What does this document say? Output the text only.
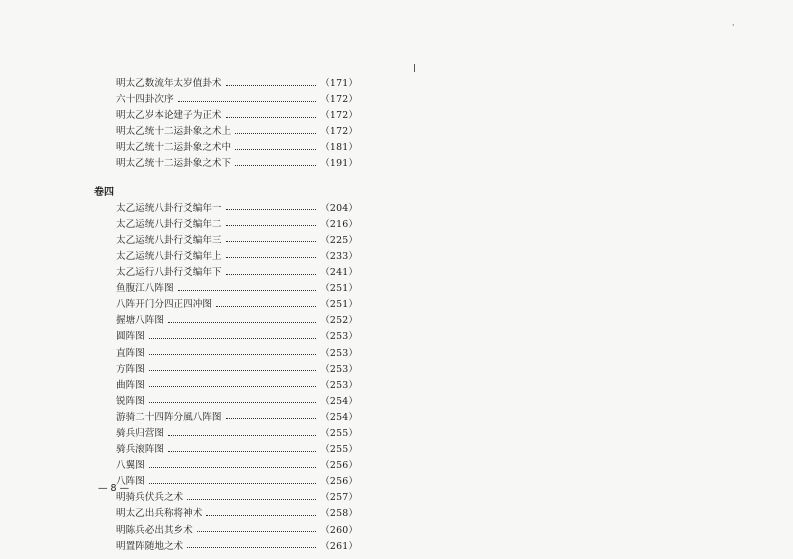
明太乙数流年太岁值卦术	（171）
六十四卦次序	（172）
明太乙岁本论建子为正术	（172）
明太乙统十二运卦象之术上	（172）
明太乙统十二运卦象之术中	（181）
明太乙统十二运卦象之术下	（191）
卷四
太乙运统八卦行爻编年一	（204）
太乙运统八卦行爻编年二	（216）
太乙运统八卦行爻编年三	（225）
太乙运统八卦行爻编年上	（233）
太乙运行八卦行爻编年下	（241）
鱼腹江八阵图	（251）
八阵开门分四正四冲图	（251）
握塘八阵图	（252）
圆阵图	（253）
直阵图	（253）
方阵图	（253）
曲阵图	（253）
锐阵图	（254）
游骑二十四阵分風八阵图	（254）
骑兵归营图	（255）
骑兵滚阵图	（255）
八翼图	（256）
八阵图	（256）
明骑兵伏兵之术	（257）
明太乙出兵称将神术	（258）
明陈兵必出其乡术	（260）
明置阵随地之术	（261）
— 8 —
ˑ
